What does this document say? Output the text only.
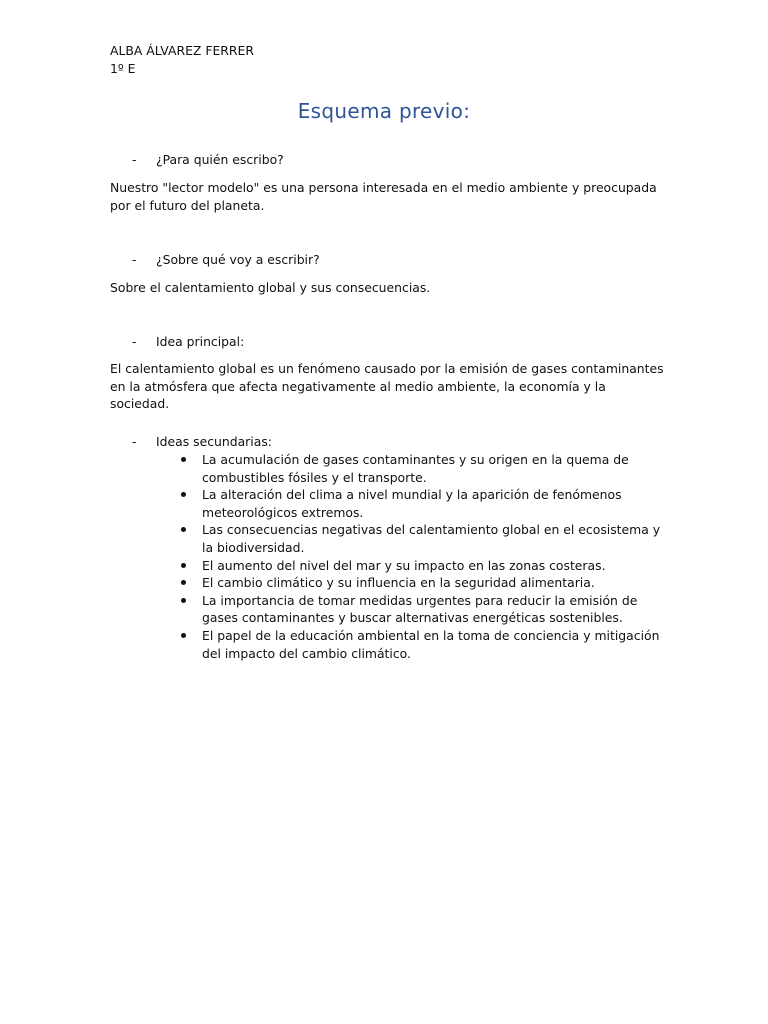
ALBA ÁLVAREZ FERRER
1º E
Esquema previo:
- ¿Para quién escribo?
Nuestro "lector modelo" es una persona interesada en el medio ambiente y preocupada por el futuro del planeta.
- ¿Sobre qué voy a escribir?
Sobre el calentamiento global y sus consecuencias.
- Idea principal:
El calentamiento global es un fenómeno causado por la emisión de gases contaminantes en la atmósfera que afecta negativamente al medio ambiente, la economía y la sociedad.
- Ideas secundarias:
La acumulación de gases contaminantes y su origen en la quema de combustibles fósiles y el transporte.
La alteración del clima a nivel mundial y la aparición de fenómenos meteorológicos extremos.
Las consecuencias negativas del calentamiento global en el ecosistema y la biodiversidad.
El aumento del nivel del mar y su impacto en las zonas costeras.
El cambio climático y su influencia en la seguridad alimentaria.
La importancia de tomar medidas urgentes para reducir la emisión de gases contaminantes y buscar alternativas energéticas sostenibles.
El papel de la educación ambiental en la toma de conciencia y mitigación del impacto del cambio climático.
